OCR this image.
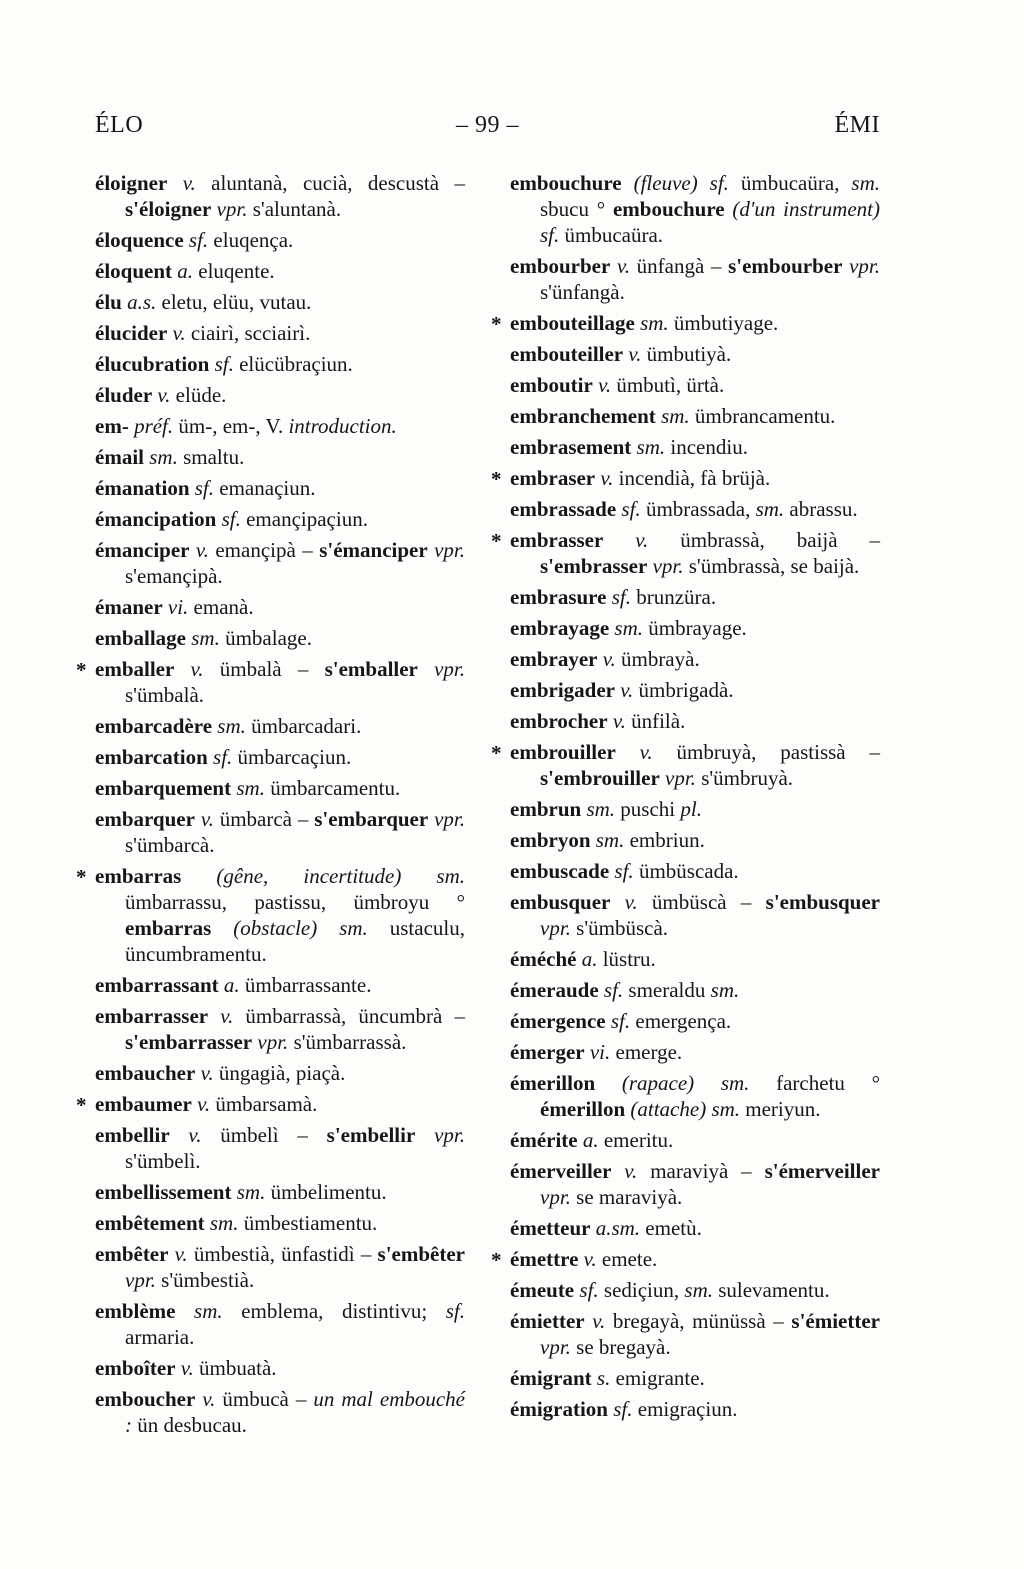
ÉLO	– 99 –	ÉMI

éloigner v. aluntanà, cucià, descustà – s'éloigner vpr. s'aluntanà.

éloquence sf. eluqença.

éloquent a. eluqente.

élu a.s. eletu, elüu, vutau.

élucider v. ciairì, scciairì.

élucubration sf. elücübraçiun.

éluder v. elüde.

em- préf. üm-, em-, V. introduction.

émail sm. smaltu.

émanation sf. emanaçiun.

émancipation sf. emançipaçiun.

émanciper v. emançipà – s'émanciper vpr. s'emançipà.

émaner vi. emanà.

emballage sm. ümbalage.

* emballer v. ümbalà – s'emballer vpr. s'ümbalà.

embarcadère sm. ümbarcadari.

embarcation sf. ümbarcaçiun.

embarquement sm. ümbarcamentu.

embarquer v. ümbarcà – s'embarquer vpr. s'ümbarcà.

* embarras (gêne, incertitude) sm. ümbarrassu, pastissu, ümbroyu ° embarras (obstacle) sm. ustaculu, üncumbramentu.

embarrassant a. ümbarrassante.

embarrasser v. ümbarrassà, üncumbrà – s'embarrasser vpr. s'ümbarrassà.

embaucher v. üngagià, piaçà.

* embaumer v. ümbarsamà.

embellir v. ümbelì – s'embellir vpr. s'ümbelì.

embellissement sm. ümbelimentu.

embêtement sm. ümbestiamentu.

embêter v. ümbestià, ünfastidì – s'embêter vpr. s'ümbestià.

emblème sm. emblema, distintivu; sf. armaria.

emboîter v. ümbuatà.

emboucher v. ümbucà – un mal embouché : ün desbucau.

embouchure (fleuve) sf. ümbucaüra, sm. sbucu ° embouchure (d'un instrument) sf. ümbucaüra.

embourber v. ünfangà – s'embourber vpr. s'ünfangà.

* embouteillage sm. ümbutiyage.

embouteiller v. ümbutiyà.

emboutir v. ümbutì, ürtà.

embranchement sm. ümbrancamentu.

embrasement sm. incendiu.

* embraser v. incendià, fà brüjà.

embrassade sf. ümbrassada, sm. abrassu.

* embrasser v. ümbrassà, baijà – s'embrasser vpr. s'ümbrassà, se baijà.

embrasure sf. brunzüra.

embrayage sm. ümbrayage.

embrayer v. ümbrayà.

embrigader v. ümbrigadà.

embrocher v. ünfilà.

* embrouiller v. ümbruyà, pastissà – s'embrouiller vpr. s'ümbruyà.

embrun sm. puschi pl.

embryon sm. embriun.

embuscade sf. ümbüscada.

embusquer v. ümbüscà – s'embusquer vpr. s'ümbüscà.

éméché a. lüstru.

émeraude sf. smeraldu sm.

émergence sf. emergença.

émerger vi. emerge.

émerillon (rapace) sm. farchetu ° émerillon (attache) sm. meriyun.

émérite a. emeritu.

émerveiller v. maraviyà – s'émerveiller vpr. se maraviyà.

émetteur a.sm. emetù.

* émettre v. emete.

émeute sf. sediçiun, sm. sulevamentu.

émietter v. bregayà, münüssà – s'émietter vpr. se bregayà.

émigrant s. emigrante.

émigration sf. emigraçiun.
